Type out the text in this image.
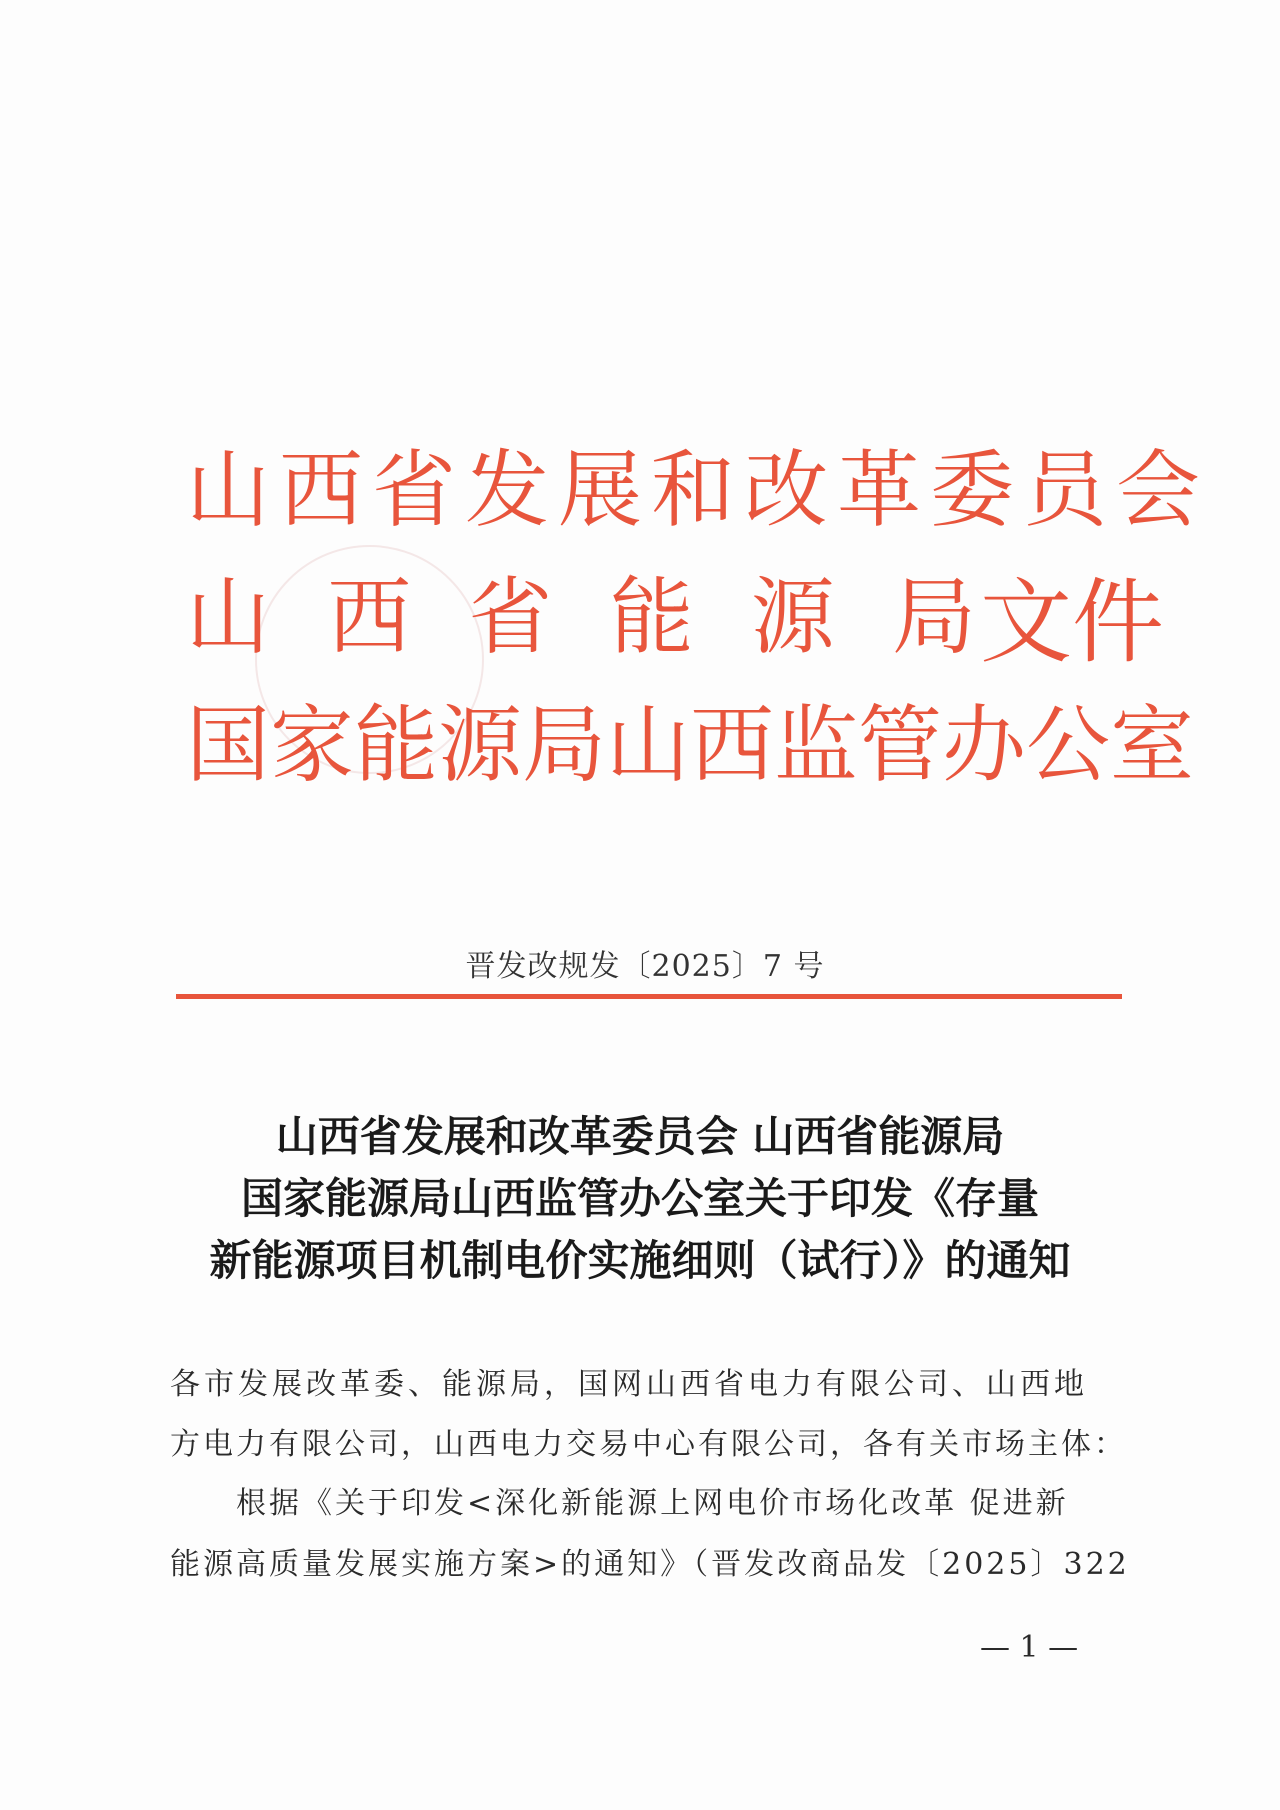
山西省发展和改革委员会
山 西 省 能 源 局 文件
国家能源局山西监管办公室
晋发改规发〔2025〕7 号
山西省发展和改革委员会 山西省能源局
国家能源局山西监管办公室关于印发《存量
新能源项目机制电价实施细则（试行）》的通知
各市发展改革委、能源局，国网山西省电力有限公司、山西地
方电力有限公司，山西电力交易中心有限公司，各有关市场主体：
根据《关于印发<深化新能源上网电价市场化改革 促进新
能源高质量发展实施方案>的通知》（晋发改商品发〔2025〕322
— 1 —
